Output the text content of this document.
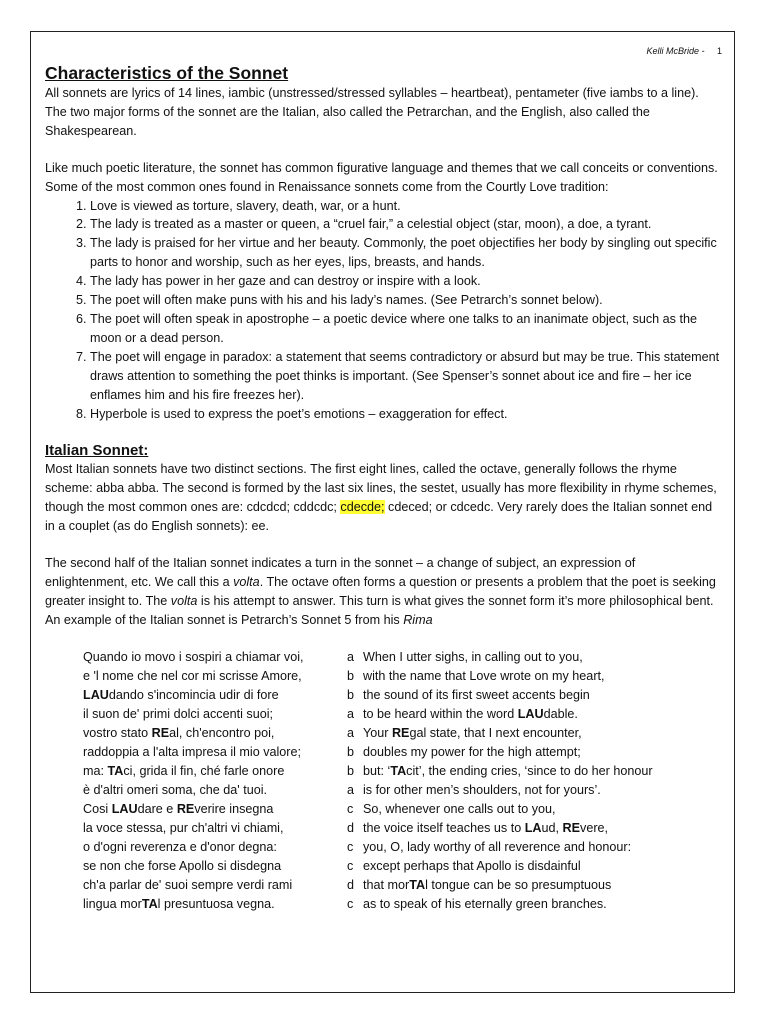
Kelli McBride - 1
Characteristics of the Sonnet

All sonnets are lyrics of 14 lines, iambic (unstressed/stressed syllables – heartbeat), pentameter (five iambs to a line). The two major forms of the sonnet are the Italian, also called the Petrarchan, and the English, also called the Shakespearean.

Like much poetic literature, the sonnet has common figurative language and themes that we call conceits or conventions. Some of the most common ones found in Renaissance sonnets come from the Courtly Love tradition:

1. Love is viewed as torture, slavery, death, war, or a hunt.
2. The lady is treated as a master or queen, a “cruel fair,” a celestial object (star, moon), a doe, a tyrant.
3. The lady is praised for her virtue and her beauty. Commonly, the poet objectifies her body by singling out specific parts to honor and worship, such as her eyes, lips, breasts, and hands.
4. The lady has power in her gaze and can destroy or inspire with a look.
5. The poet will often make puns with his and his lady’s names. (See Petrarch’s sonnet below).
6. The poet will often speak in apostrophe – a poetic device where one talks to an inanimate object, such as the moon or a dead person.
7. The poet will engage in paradox: a statement that seems contradictory or absurd but may be true. This statement draws attention to something the poet thinks is important. (See Spenser’s sonnet about ice and fire – her ice enflames him and his fire freezes her).
8. Hyperbole is used to express the poet’s emotions – exaggeration for effect.
Italian Sonnet:

Most Italian sonnets have two distinct sections. The first eight lines, called the octave, generally follows the rhyme scheme: abba abba. The second is formed by the last six lines, the sestet, usually has more flexibility in rhyme schemes, though the most common ones are: cdcdcd; cddcdc; cdecde; cdeced; or cdcedc. Very rarely does the Italian sonnet end in a couplet (as do English sonnets): ee.

The second half of the Italian sonnet indicates a turn in the sonnet – a change of subject, an expression of enlightenment, etc. We call this a volta. The octave often forms a question or presents a problem that the poet is seeking greater insight to. The volta is his attempt to answer. This turn is what gives the sonnet form it’s more philosophical bent. An example of the Italian sonnet is Petrarch’s Sonnet 5 from his Rima

Quando io movo i sospiri a chiamar voi,	a When I utter sighs, in calling out to you,
e 'l nome che nel cor mi scrisse Amore,	b with the name that Love wrote on my heart,
LAUdando s'incomincia udir di fore	b the sound of its first sweet accents begin
il suon de' primi dolci accenti suoi;	a to be heard within the word LAUdable.
vostro stato REal, ch'encontro poi,	a Your REgal state, that I next encounter,
raddoppia a l'alta impresa il mio valore;	b doubles my power for the high attempt;
ma: TAci, grida il fin, ché farle onore	b but: ‘TAcit’, the ending cries, ‘since to do her honour
è d'altri omeri soma, che da' tuoi.	a is for other men’s shoulders, not for yours’.
Cosi LAUdare e REverire insegna	c So, whenever one calls out to you,
la voce stessa, pur ch'altri vi chiami,	d the voice itself teaches us to LAud, REvere,
o d'ogni reverenza e d'onor degna:	c you, O, lady worthy of all reverence and honour:
se non che forse Apollo si disdegna	c except perhaps that Apollo is disdainful
ch'a parlar de' suoi sempre verdi rami	d that morTAl tongue can be so presumptuous
lingua morTAl presuntuosa vegna.	c as to speak of his eternally green branches.
